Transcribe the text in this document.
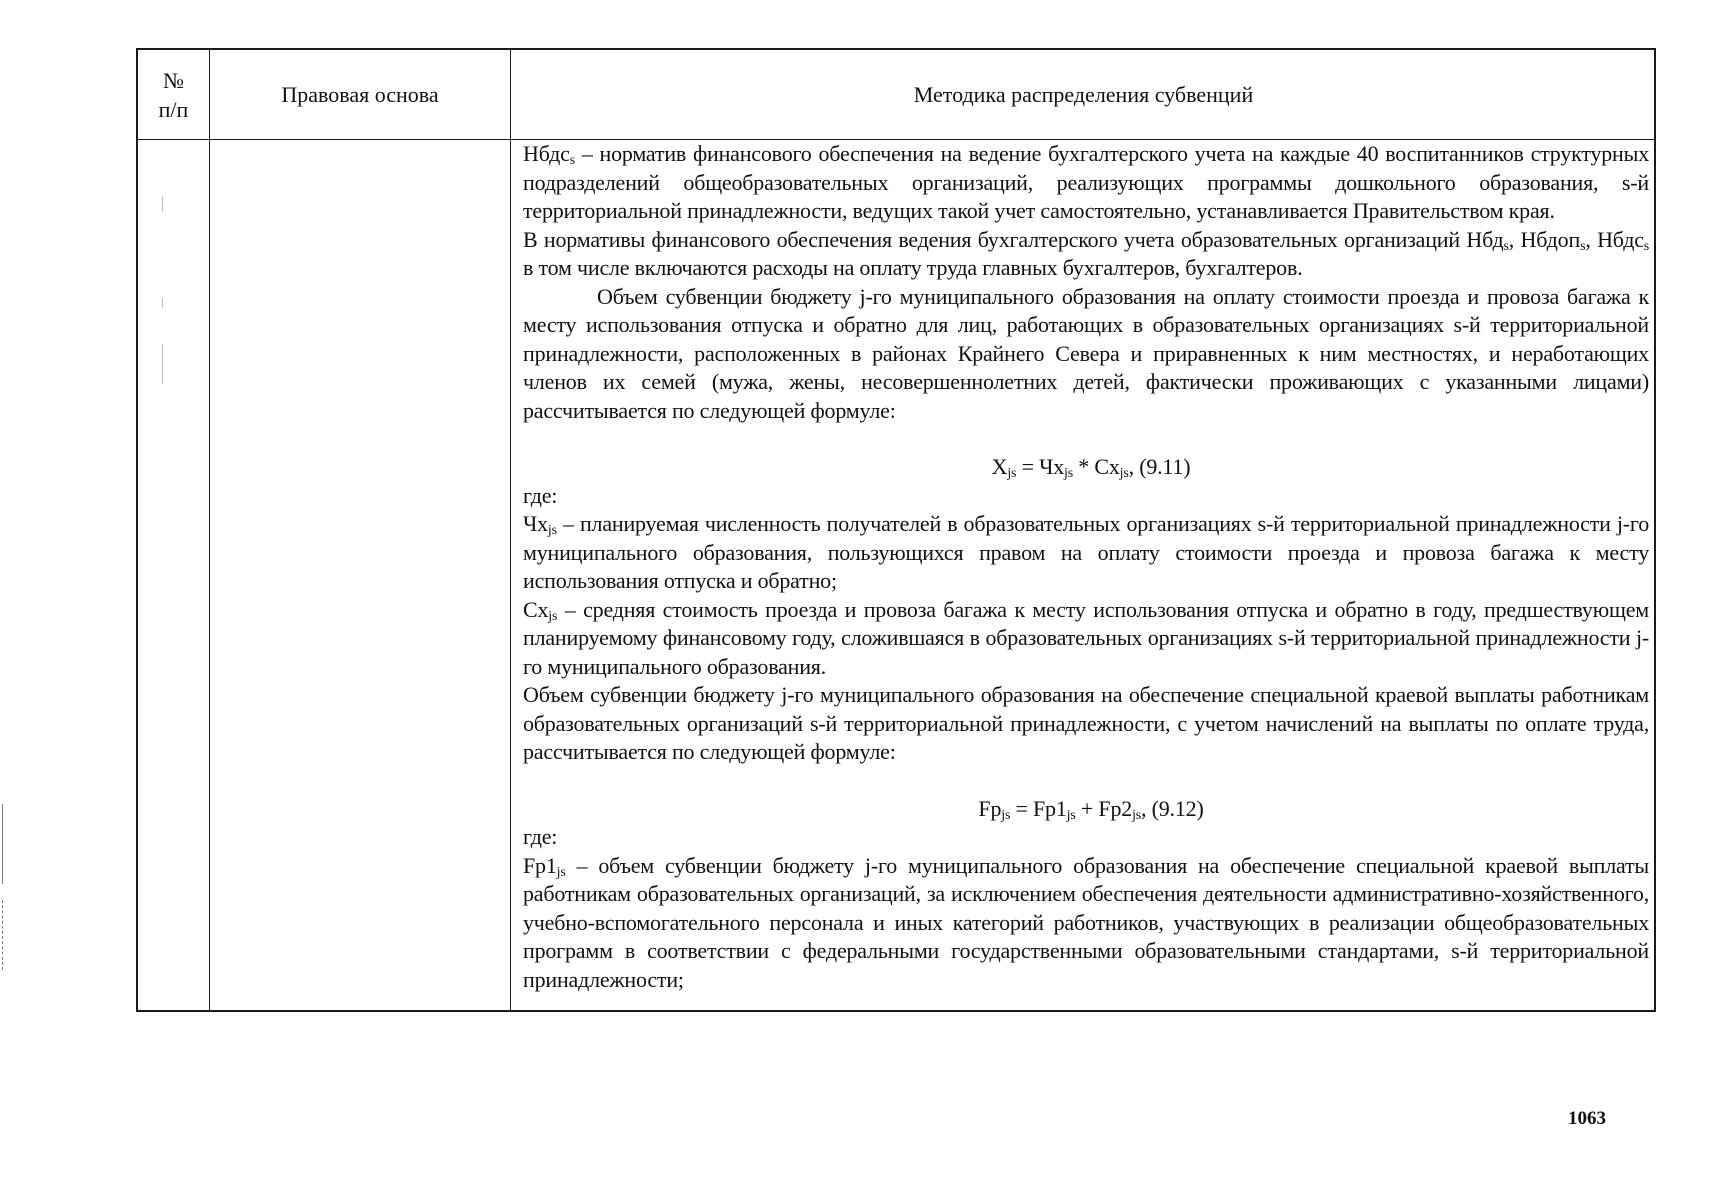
№
п/п
Правовая основа	Методика распределения субвенций

Нбдс$_s$ – норматив финансового обеспечения на ведение бухгалтерского учета на каждые 40 воспитанников структурных подразделений общеобразовательных организаций, реализующих программы дошкольного образования, s-й территориальной принадлежности, ведущих такой учет самостоятельно, устанавливается Правительством края.

В нормативы финансового обеспечения ведения бухгалтерского учета образовательных организаций Нбд$_s$, Нбдоп$_s$, Нбдс$_s$ в том числе включаются расходы на оплату труда главных бухгалтеров, бухгалтеров.

Объем субвенции бюджету j-го муниципального образования на оплату стоимости проезда и провоза багажа к месту использования отпуска и обратно для лиц, работающих в образовательных организациях s-й территориальной принадлежности, расположенных в районах Крайнего Севера и приравненных к ним местностях, и неработающих членов их семей (мужа, жены, несовершеннолетних детей, фактически проживающих с указанными лицами) рассчитывается по следующей формуле:

$X_{js} = Чх_{js} * Сх_{js}$, (9.11)

где:

$Чх_{js}$ – планируемая численность получателей в образовательных организациях s-й территориальной принадлежности j-го муниципального образования, пользующихся правом на оплату стоимости проезда и провоза багажа к месту использования отпуска и обратно;

$Сх_{js}$ – средняя стоимость проезда и провоза багажа к месту использования отпуска и обратно в году, предшествующем планируемому финансовому году, сложившаяся в образовательных организациях s-й территориальной принадлежности j-го муниципального образования.

Объем субвенции бюджету j-го муниципального образования на обеспечение специальной краевой выплаты работникам образовательных организаций s-й территориальной принадлежности, с учетом начислений на выплаты по оплате труда, рассчитывается по следующей формуле:

$Fp_{js} = Fp1_{js} + Fp2_{js}$, (9.12)

где:

$Fp1_{js}$ – объем субвенции бюджету j-го муниципального образования на обеспечение специальной краевой выплаты работникам образовательных организаций, за исключением обеспечения деятельности административно-хозяйственного, учебно-вспомогательного персонала и иных категорий работников, участвующих в реализации общеобразовательных программ в соответствии с федеральными государственными образовательными стандартами, s-й территориальной принадлежности;

1063
